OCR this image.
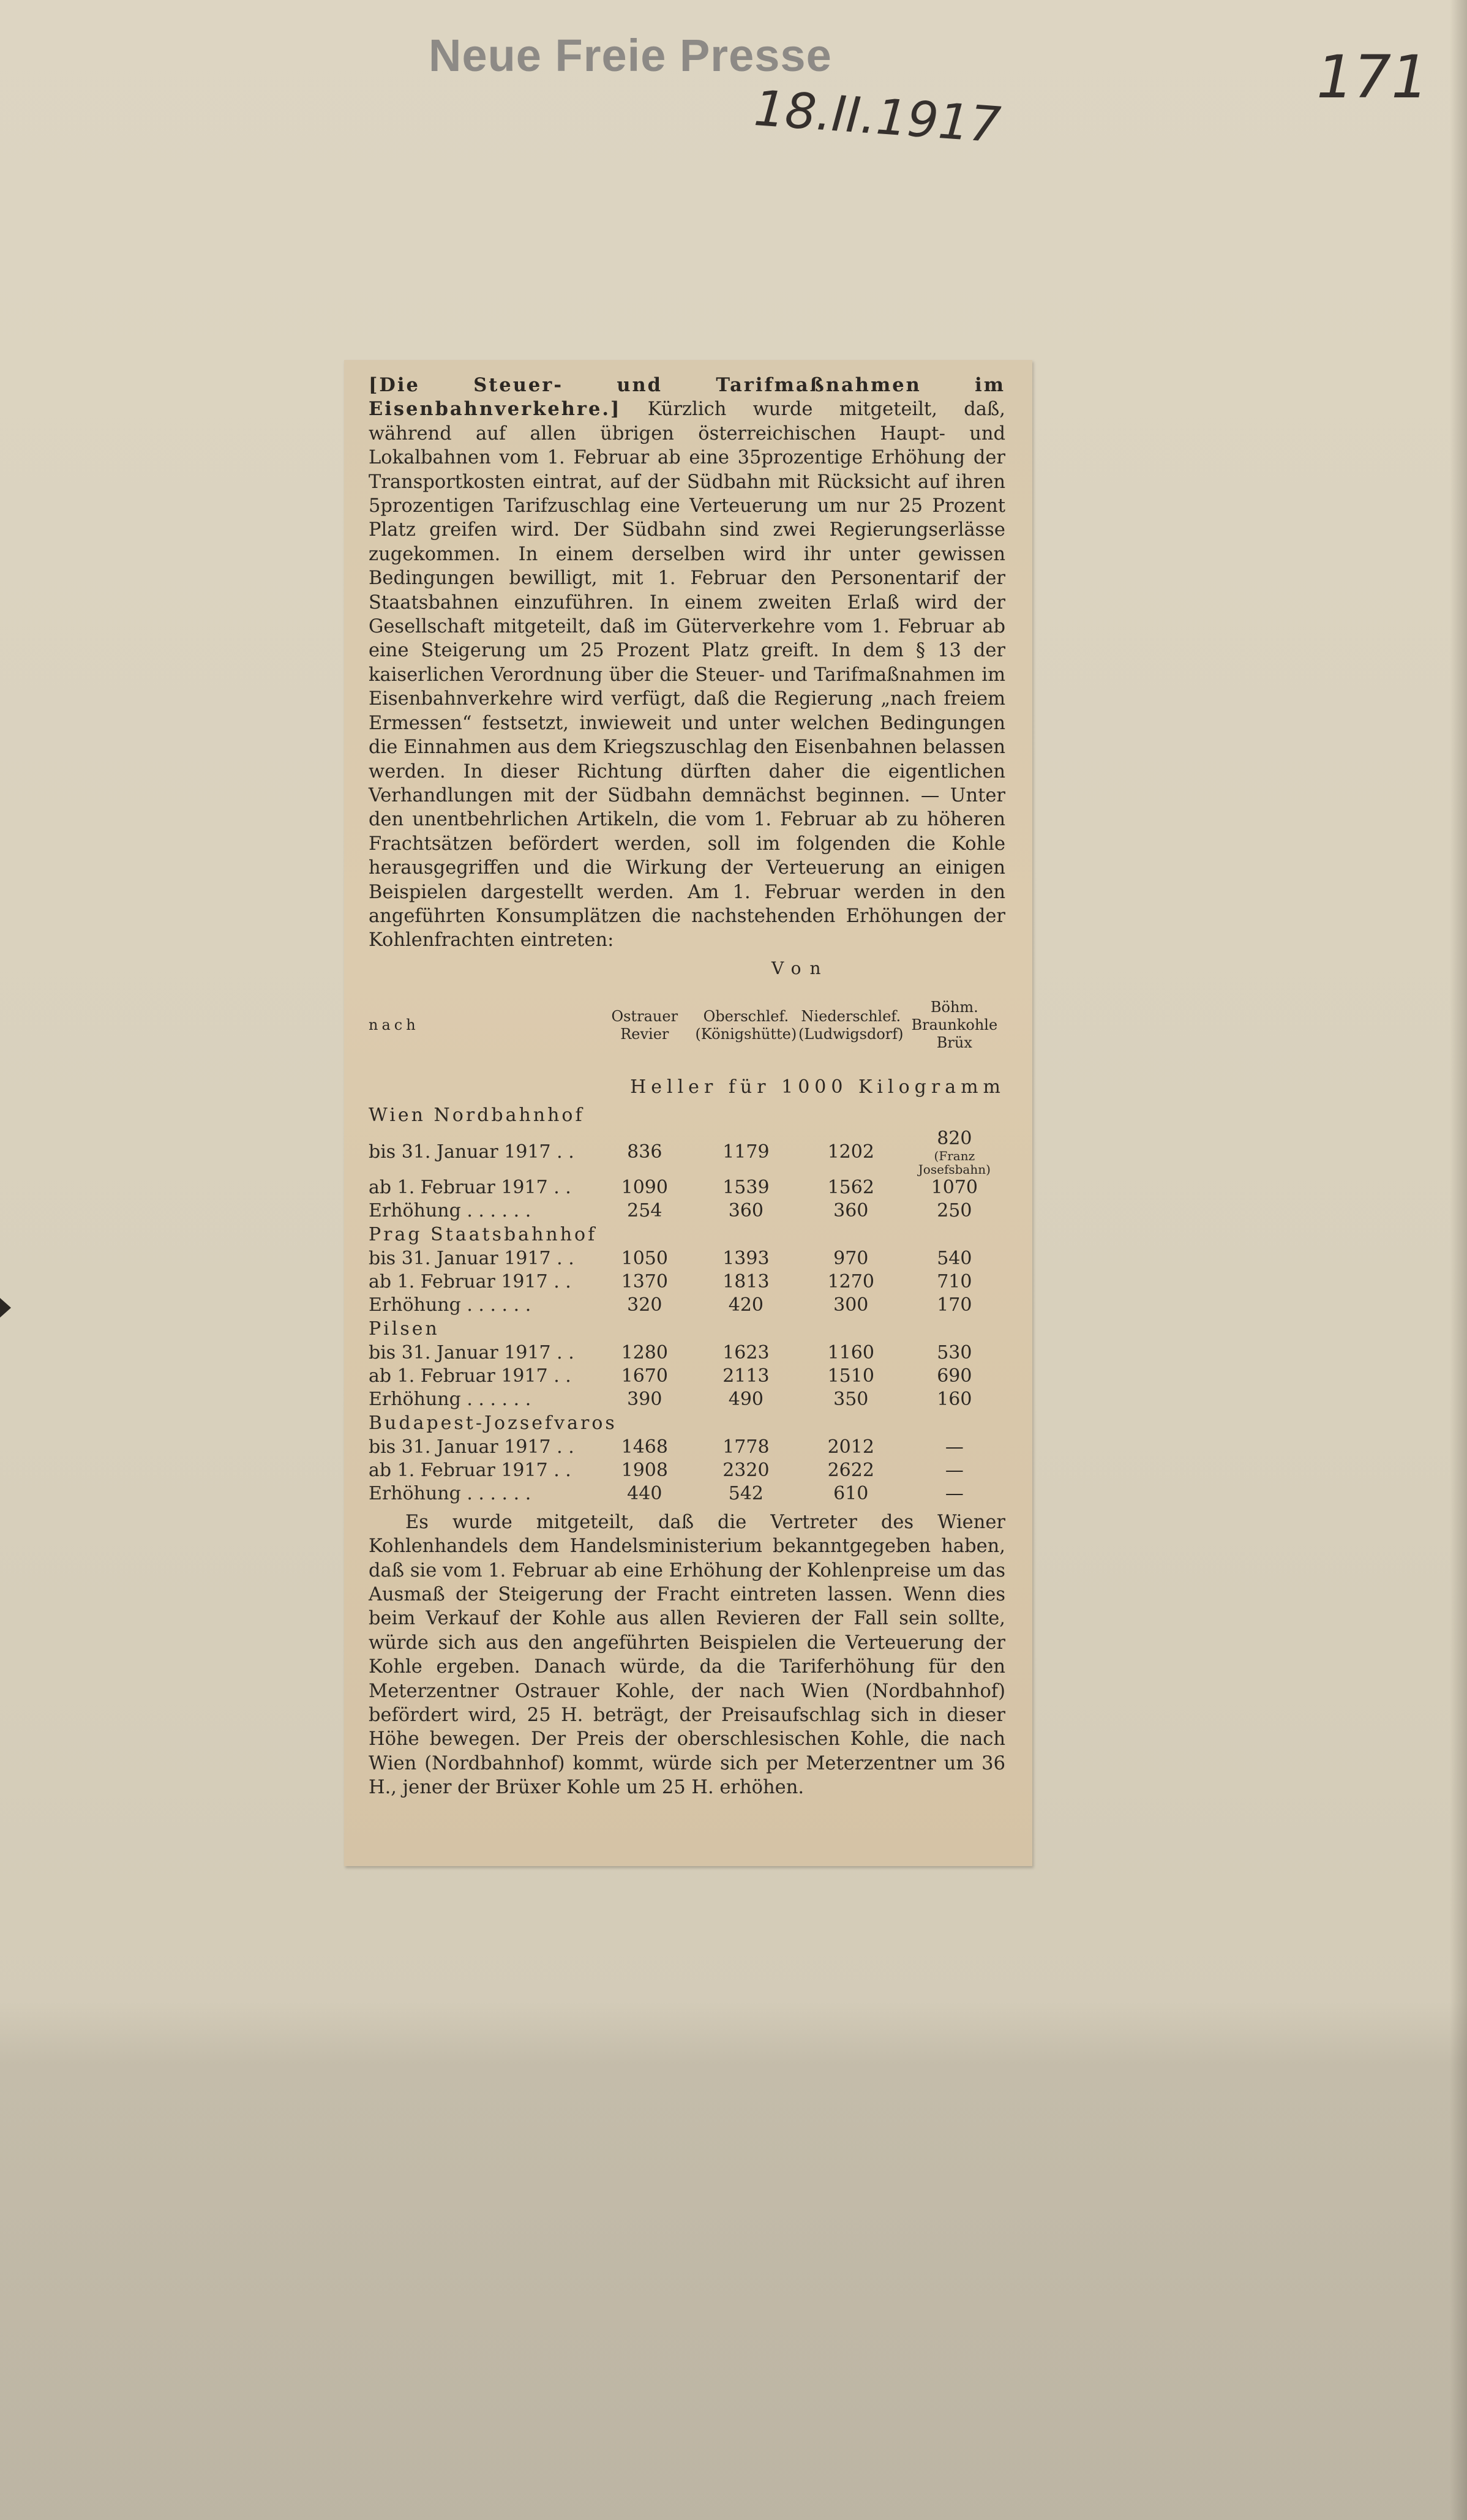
Neue Freie Presse
18.II.1917
171

[Die Steuer- und Tarifmaßnahmen im Eisenbahnverkehre.] Kürzlich wurde mitgeteilt, daß, während auf allen übrigen österreichischen Haupt- und Lokalbahnen vom 1. Februar ab eine 35prozentige Erhöhung der Transportkosten eintrat, auf der Südbahn mit Rücksicht auf ihren 5prozentigen Tarifzuschlag eine Verteuerung um nur 25 Prozent Platz greifen wird. Der Südbahn sind zwei Regierungserlässe zugekommen. In einem derselben wird ihr unter gewissen Bedingungen bewilligt, mit 1. Februar den Personentarif der Staatsbahnen einzuführen. In einem zweiten Erlaß wird der Gesellschaft mitgeteilt, daß im Güterverkehre vom 1. Februar ab eine Steigerung um 25 Prozent Platz greift. In dem § 13 der kaiserlichen Verordnung über die Steuer- und Tarifmaßnahmen im Eisenbahnverkehre wird verfügt, daß die Regierung „nach freiem Ermessen“ festsetzt, inwieweit und unter welchen Bedingungen die Einnahmen aus dem Kriegszuschlag den Eisenbahnen belassen werden. In dieser Richtung dürften daher die eigentlichen Verhandlungen mit der Südbahn demnächst beginnen. — Unter den unentbehrlichen Artikeln, die vom 1. Februar ab zu höheren Frachtsätzen befördert werden, soll im folgenden die Kohle herausgegriffen und die Wirkung der Verteuerung an einigen Beispielen dargestellt werden. Am 1. Februar werden in den angeführten Konsumplätzen die nachstehenden Erhöhungen der Kohlenfrachten eintreten:

	Von			
nach	Ostrauer Revier	Oberschlef. (Königshütte)	Niederschlef. (Ludwigsdorf)	Böhm. Braunkohle Brüx
Heller für 1000 Kilogramm				
Wien Nordbahnhof				
bis 31. Januar 1917 . .	836	1179	1202	820
(Franz Josefsbahn)

ab 1. Februar 1917 . .	1090	1539	1562	1070
Erhöhung . . . . . .	254	360	360	250
Prag Staatsbahnhof				
bis 31. Januar 1917 . .	1050	1393	970	540
ab 1. Februar 1917 . .	1370	1813	1270	710
Erhöhung . . . . . .	320	420	300	170
Pilsen				
bis 31. Januar 1917 . .	1280	1623	1160	530
ab 1. Februar 1917 . .	1670	2113	1510	690
Erhöhung . . . . . .	390	490	350	160
Budapest-Jozsefvaros				
bis 31. Januar 1917 . .	1468	1778	2012	—
ab 1. Februar 1917 . .	1908	2320	2622	—
Erhöhung . . . . . .	440	542	610	—

Es wurde mitgeteilt, daß die Vertreter des Wiener Kohlenhandels dem Handelsministerium bekanntgegeben haben, daß sie vom 1. Februar ab eine Erhöhung der Kohlenpreise um das Ausmaß der Steigerung der Fracht eintreten lassen. Wenn dies beim Verkauf der Kohle aus allen Revieren der Fall sein sollte, würde sich aus den angeführten Beispielen die Verteuerung der Kohle ergeben. Danach würde, da die Tariferhöhung für den Meterzentner Ostrauer Kohle, der nach Wien (Nordbahnhof) befördert wird, 25 H. beträgt, der Preisaufschlag sich in dieser Höhe bewegen. Der Preis der oberschlesischen Kohle, die nach Wien (Nordbahnhof) kommt, würde sich per Meterzentner um 36 H., jener der Brüxer Kohle um 25 H. erhöhen.
